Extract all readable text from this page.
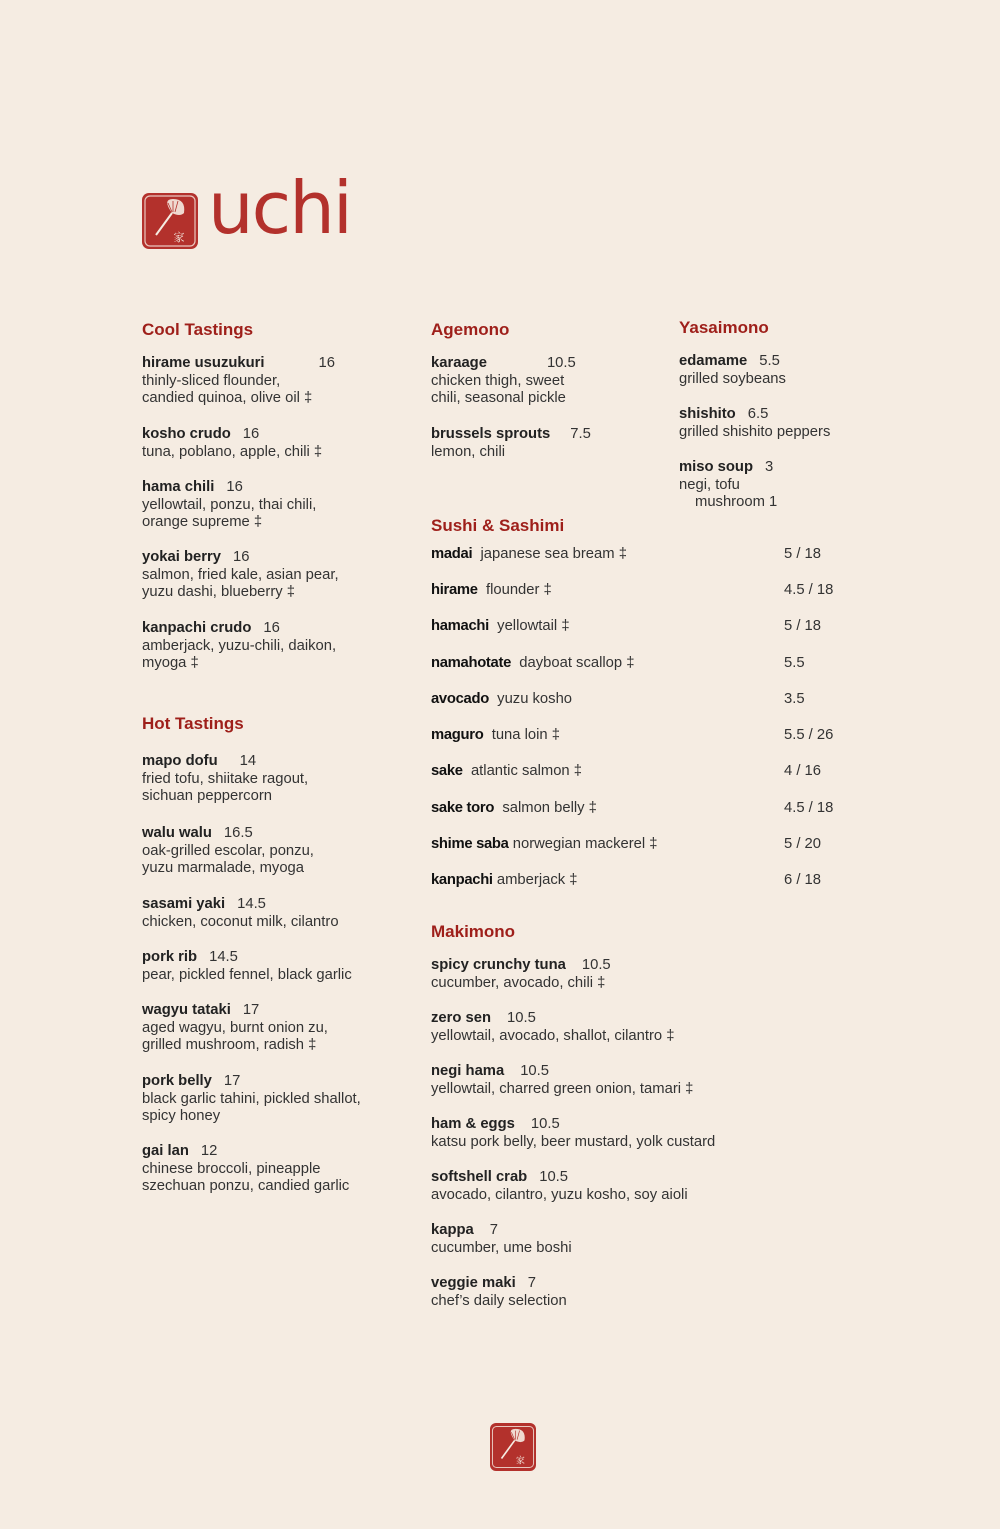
家 uchi
Cool Tastings
hirame usuzukuri	16
thinly-sliced flounder,
candied quinoa, olive oil ‡
kosho crudo 16
tuna, poblano, apple, chili ‡
hama chili 16
yellowtail, ponzu, thai chili,
orange supreme ‡
yokai berry 16
salmon, fried kale, asian pear,
yuzu dashi, blueberry ‡
kanpachi crudo 16
amberjack, yuzu-chili, daikon,
myoga ‡
Hot Tastings
mapo dofu 14
fried tofu, shiitake ragout,
sichuan peppercorn
walu walu 16.5
oak-grilled escolar, ponzu,
yuzu marmalade, myoga
sasami yaki 14.5
chicken, coconut milk, cilantro
pork rib 14.5
pear, pickled fennel, black garlic
wagyu tataki 17
aged wagyu, burnt onion zu,
grilled mushroom, radish ‡
pork belly 17
black garlic tahini, pickled shallot,
spicy honey
gai lan 12
chinese broccoli, pineapple
szechuan ponzu, candied garlic
Agemono
karaage	10.5
chicken thigh, sweet
chili, seasonal pickle
brussels sprouts 7.5
lemon, chili
Yasaimono
edamame 5.5
grilled soybeans
shishito 6.5
grilled shishito peppers
miso soup 3
negi, tofu
mushroom 1
Sushi & Sashimi
madai japanese sea bream ‡	5 / 18
hirame flounder ‡	4.5 / 18
hamachi yellowtail ‡	5 / 18
namahotate dayboat scallop ‡	5.5
avocado yuzu kosho	3.5
maguro tuna loin ‡	5.5 / 26
sake atlantic salmon ‡	4 / 16
sake toro salmon belly ‡	4.5 / 18
shime saba norwegian mackerel ‡	5 / 20
kanpachi amberjack ‡	6 / 18
Makimono
spicy crunchy tuna 10.5
cucumber, avocado, chili ‡
zero sen 10.5
yellowtail, avocado, shallot, cilantro ‡
negi hama 10.5
yellowtail, charred green onion, tamari ‡
ham & eggs 10.5
katsu pork belly, beer mustard, yolk custard
softshell crab 10.5
avocado, cilantro, yuzu kosho, soy aioli
kappa 7
cucumber, ume boshi
veggie maki 7
chef’s daily selection
家
